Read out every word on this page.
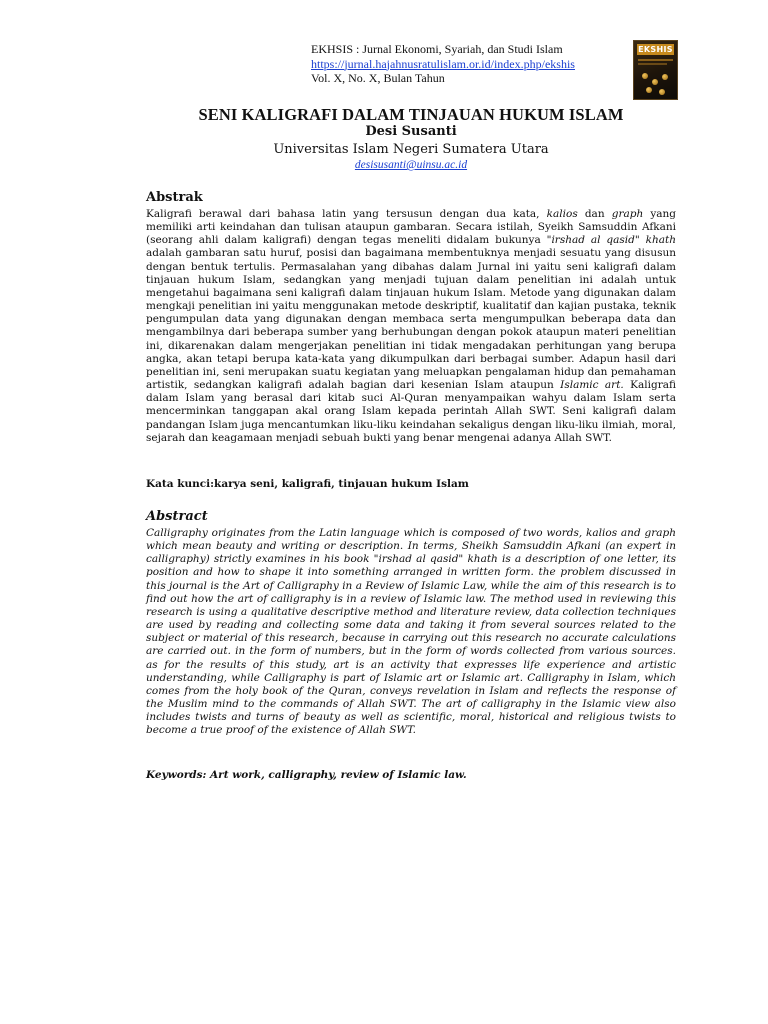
EKHSIS : Jurnal Ekonomi, Syariah, dan Studi Islam
https://jurnal.hajahnusratulislam.or.id/index.php/ekshis
Vol. X, No. X, Bulan Tahun
EKSHIS
SENI KALIGRAFI DALAM TINJAUAN HUKUM ISLAM
Desi Susanti
Universitas Islam Negeri Sumatera Utara
desisusanti@uinsu.ac.id
Abstrak
Kaligrafi berawal dari bahasa latin yang tersusun dengan dua kata, kalios dan graph yang memiliki arti keindahan dan tulisan ataupun gambaran. Secara istilah, Syeikh Samsuddin Afkani (seorang ahli dalam kaligrafi) dengan tegas meneliti didalam bukunya "irshad al qasid" khath adalah gambaran satu huruf, posisi dan bagaimana membentuknya menjadi sesuatu yang disusun dengan bentuk tertulis. Permasalahan yang dibahas dalam Jurnal ini yaitu seni kaligrafi dalam tinjauan hukum Islam, sedangkan yang menjadi tujuan dalam penelitian ini adalah untuk mengetahui bagaimana seni kaligrafi dalam tinjauan hukum Islam. Metode yang digunakan dalam mengkaji penelitian ini yaitu menggunakan metode deskriptif, kualitatif dan kajian pustaka, teknik pengumpulan data yang digunakan dengan membaca serta mengumpulkan beberapa data dan mengambilnya dari beberapa sumber yang berhubungan dengan pokok ataupun materi penelitian ini, dikarenakan dalam mengerjakan penelitian ini tidak mengadakan perhitungan yang berupa angka, akan tetapi berupa kata-kata yang dikumpulkan dari berbagai sumber. Adapun hasil dari penelitian ini, seni merupakan suatu kegiatan yang meluapkan pengalaman hidup dan pemahaman artistik, sedangkan kaligrafi adalah bagian dari kesenian Islam ataupun Islamic art. Kaligrafi dalam Islam yang berasal dari kitab suci Al-Quran menyampaikan wahyu dalam Islam serta mencerminkan tanggapan akal orang Islam kepada perintah Allah SWT. Seni kaligrafi dalam pandangan Islam juga mencantumkan liku-liku keindahan sekaligus dengan liku-liku ilmiah, moral, sejarah dan keagamaan menjadi sebuah bukti yang benar mengenai adanya Allah SWT.
Kata kunci:karya seni, kaligrafi, tinjauan hukum Islam
Abstract
Calligraphy originates from the Latin language which is composed of two words, kalios and graph which mean beauty and writing or description. In terms, Sheikh Samsuddin Afkani (an expert in calligraphy) strictly examines in his book "irshad al qasid" khath is a description of one letter, its position and how to shape it into something arranged in written form. the problem discussed in this journal is the Art of Calligraphy in a Review of Islamic Law, while the aim of this research is to find out how the art of calligraphy is in a review of Islamic law. The method used in reviewing this research is using a qualitative descriptive method and literature review, data collection techniques are used by reading and collecting some data and taking it from several sources related to the subject or material of this research, because in carrying out this research no accurate calculations are carried out. in the form of numbers, but in the form of words collected from various sources. as for the results of this study, art is an activity that expresses life experience and artistic understanding, while Calligraphy is part of Islamic art or Islamic art. Calligraphy in Islam, which comes from the holy book of the Quran, conveys revelation in Islam and reflects the response of the Muslim mind to the commands of Allah SWT. The art of calligraphy in the Islamic view also includes twists and turns of beauty as well as scientific, moral, historical and religious twists to become a true proof of the existence of Allah SWT.
Keywords: Art work, calligraphy, review of Islamic law.
